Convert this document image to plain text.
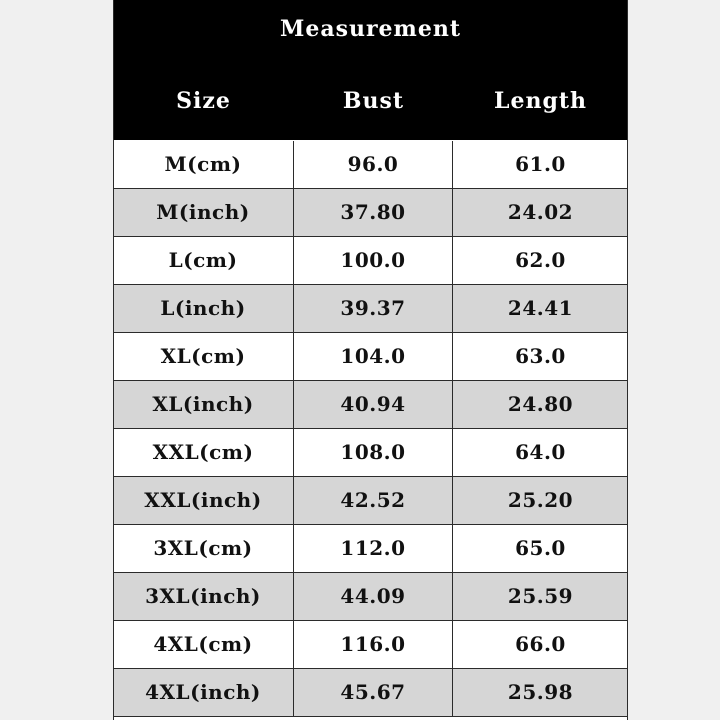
Measurement
Size	Bust	Length
M(cm)	96.0	61.0
M(inch)	37.80	24.02
L(cm)	100.0	62.0
L(inch)	39.37	24.41
XL(cm)	104.0	63.0
XL(inch)	40.94	24.80
XXL(cm)	108.0	64.0
XXL(inch)	42.52	25.20
3XL(cm)	112.0	65.0
3XL(inch)	44.09	25.59
4XL(cm)	116.0	66.0
4XL(inch)	45.67	25.98
